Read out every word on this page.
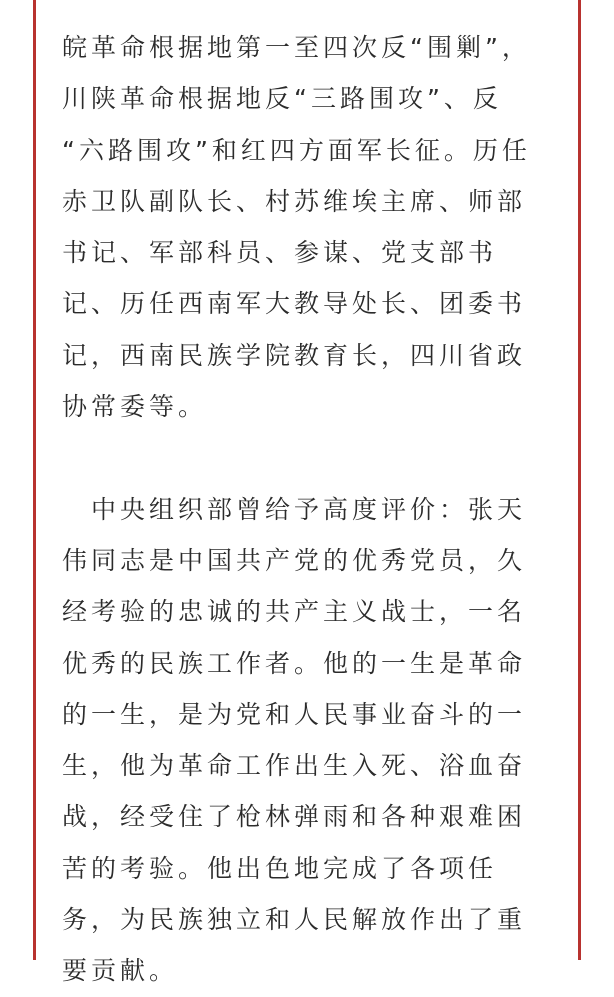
皖革命根据地第一至四次反“围剿”，
川陕革命根据地反“三路围攻”、反
“六路围攻”和红四方面军长征。历任
赤卫队副队长、村苏维埃主席、师部
书记、军部科员、参谋、党支部书
记、历任西南军大教导处长、团委书
记，西南民族学院教育长，四川省政
协常委等。
　中央组织部曾给予高度评价：张天
伟同志是中国共产党的优秀党员，久
经考验的忠诚的共产主义战士，一名
优秀的民族工作者。他的一生是革命
的一生，是为党和人民事业奋斗的一
生，他为革命工作出生入死、浴血奋
战，经受住了枪林弹雨和各种艰难困
苦的考验。他出色地完成了各项任
务，为民族独立和人民解放作出了重
要贡献。
